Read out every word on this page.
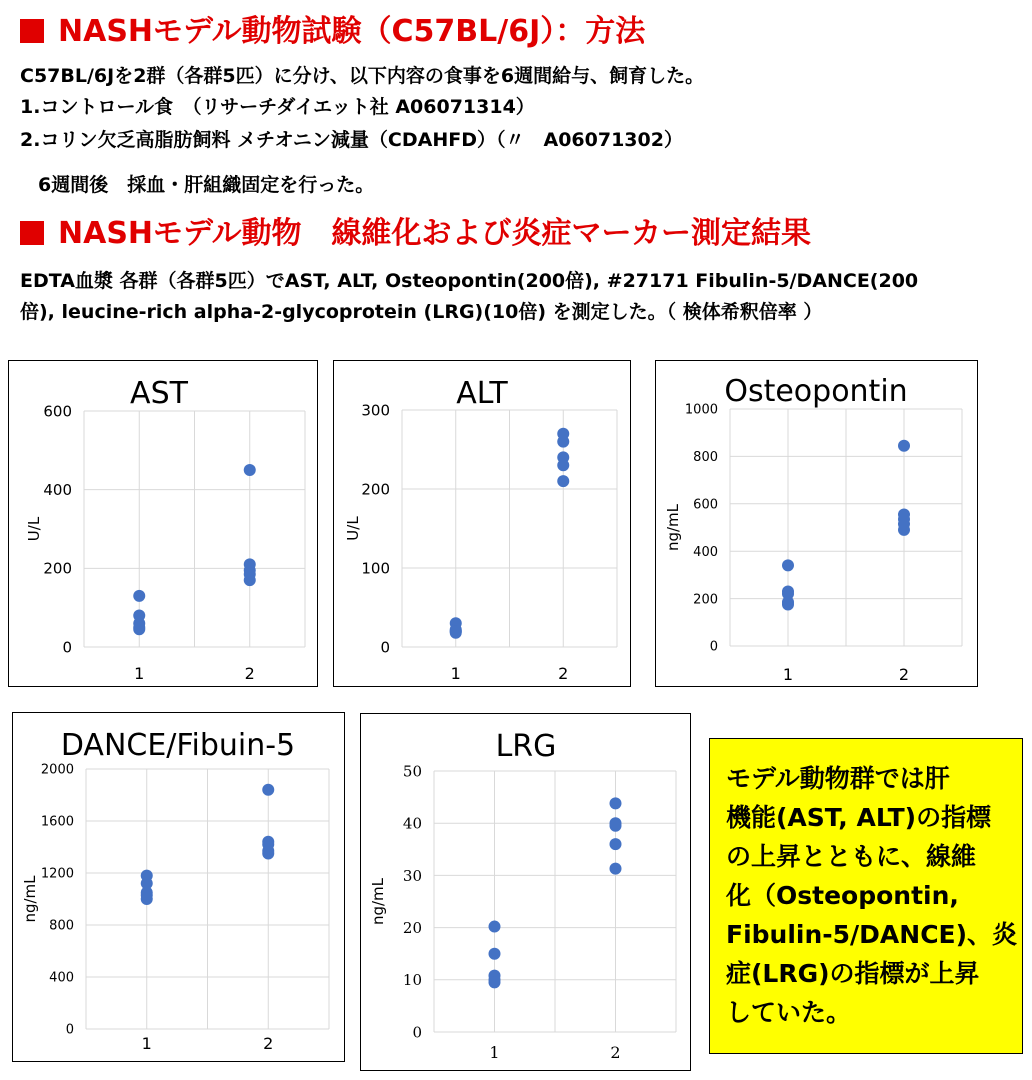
NASHモデル動物試験（C57BL/6J）：方法
C57BL/6Jを2群（各群5匹）に分け、以下内容の食事を6週間給与、飼育した。
1.コントロール食　（リサーチダイエット社 A06071314）
2.コリン欠乏高脂肪飼料 メチオニン減量（CDAHFD）（〃　A06071302）
6週間後　採血・肝組織固定を行った。
NASHモデル動物　線維化および炎症マーカー測定結果
EDTA血漿 各群（各群5匹）でAST, ALT, Osteopontin(200倍), #27171 Fibulin-5/DANCE(200
倍), leucine-rich alpha-2-glycoprotein (LRG)(10倍) を測定した。（ 検体希釈倍率 ）
AST
0
200
400
600
1	2
U/L
ALT
0
100
200
300
1	2
U/L
Osteopontin
0
200
400
600
800
1000
1	2
ng/mL
DANCE/Fibuin-5
0
400
800
1200
1600
2000
1	2
ng/mL
LRG
0
10
20
30
40
50
1	2
ng/mL
モデル動物群では肝
機能(AST, ALT)の指標
の上昇とともに、線維
化（Osteopontin,
Fibulin-5/DANCE)、炎
症(LRG)の指標が上昇
していた。
